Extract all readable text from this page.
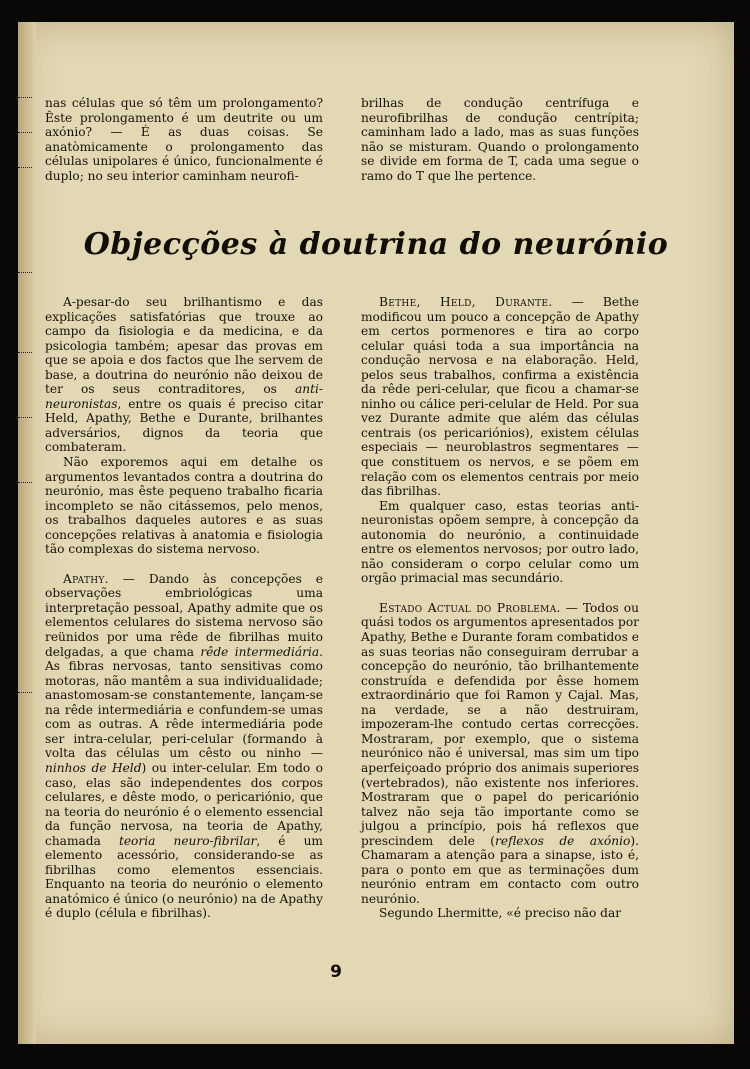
nas células que só têm um prolongamento? Êste prolongamento é um deutrite ou um axónio? — É as duas coisas. Se anatòmicamente o prolongamento das células unipolares é único, funcionalmente é duplo; no seu interior caminham neurofi-

brilhas de condução centrífuga e neurofibrilhas de condução centrípita; caminham lado a lado, mas as suas funções não se misturam. Quando o prolongamento se divide em forma de T, cada uma segue o ramo do T que lhe pertence.

Objecções à doutrina do neurónio

A-pesar-do seu brilhantismo e das explicações satisfatórias que trouxe ao campo da fisiologia e da medicina, e da psicologia também; apesar das provas em que se apoia e dos factos que lhe servem de base, a doutrina do neurónio não deixou de ter os seus contraditores, os anti-neuronistas, entre os quais é preciso citar Held, Apathy, Bethe e Durante, brilhantes adversários, dignos da teoria que combateram.

Não exporemos aqui em detalhe os argumentos levantados contra a doutrina do neurónio, mas êste pequeno trabalho ficaria incompleto se não citássemos, pelo menos, os trabalhos daqueles autores e as suas concepções relativas à anatomia e fisiologia tão complexas do sistema nervoso.

Apathy. — Dando às concepções e observações embriológicas uma interpretação pessoal, Apathy admite que os elementos celulares do sistema nervoso são reünidos por uma rêde de fibrilhas muito delgadas, a que chama rêde intermediária. As fibras nervosas, tanto sensitivas como motoras, não mantêm a sua individualidade; anastomosam-se constantemente, lançam-se na rêde intermediária e confundem-se umas com as outras. A rêde intermediária pode ser intra-celular, peri-celular (formando à volta das células um cêsto ou ninho — ninhos de Held) ou inter-celular. Em todo o caso, elas são independentes dos corpos celulares, e dêste modo, o pericariónio, que na teoria do neurónio é o elemento essencial da função nervosa, na teoria de Apathy, chamada teoria neuro-fibrilar, é um elemento acessório, considerando-se as fibrilhas como elementos essenciais. Enquanto na teoria do neurónio o elemento anatómico é único (o neurónio) na de Apathy é duplo (célula e fibrilhas).

Bethe, Held, Durante. — Bethe modificou um pouco a concepção de Apathy em certos pormenores e tira ao corpo celular quási toda a sua importância na condução nervosa e na elaboração. Held, pelos seus trabalhos, confirma a existência da rêde peri-celular, que ficou a chamar-se ninho ou cálice peri-celular de Held. Por sua vez Durante admite que além das células centrais (os pericariónios), existem células especiais — neuroblastros segmentares — que constituem os nervos, e se põem em relação com os elementos centrais por meio das fibrilhas.

Em qualquer caso, estas teorias anti-neuronistas opõem sempre, à concepção da autonomia do neurónio, a continuidade entre os elementos nervosos; por outro lado, não consideram o corpo celular como um orgão primacial mas secundário.

Estado Actual do Problema. — Todos ou quási todos os argumentos apresentados por Apathy, Bethe e Durante foram combatidos e as suas teorias não conseguiram derrubar a concepção do neurónio, tão brilhantemente construída e defendida por êsse homem extraordinário que foi Ramon y Cajal. Mas, na verdade, se a não destruiram, impozeram-lhe contudo certas correcções. Mostraram, por exemplo, que o sistema neurónico não é universal, mas sim um tipo aperfeiçoado próprio dos animais superiores (vertebrados), não existente nos inferiores. Mostraram que o papel do pericariónio talvez não seja tão importante como se julgou a princípio, pois há reflexos que prescindem dele (reflexos de axónio). Chamaram a atenção para a sinapse, isto é, para o ponto em que as terminações dum neurónio entram em contacto com outro neurónio.

Segundo Lhermitte, «é preciso não dar

9
